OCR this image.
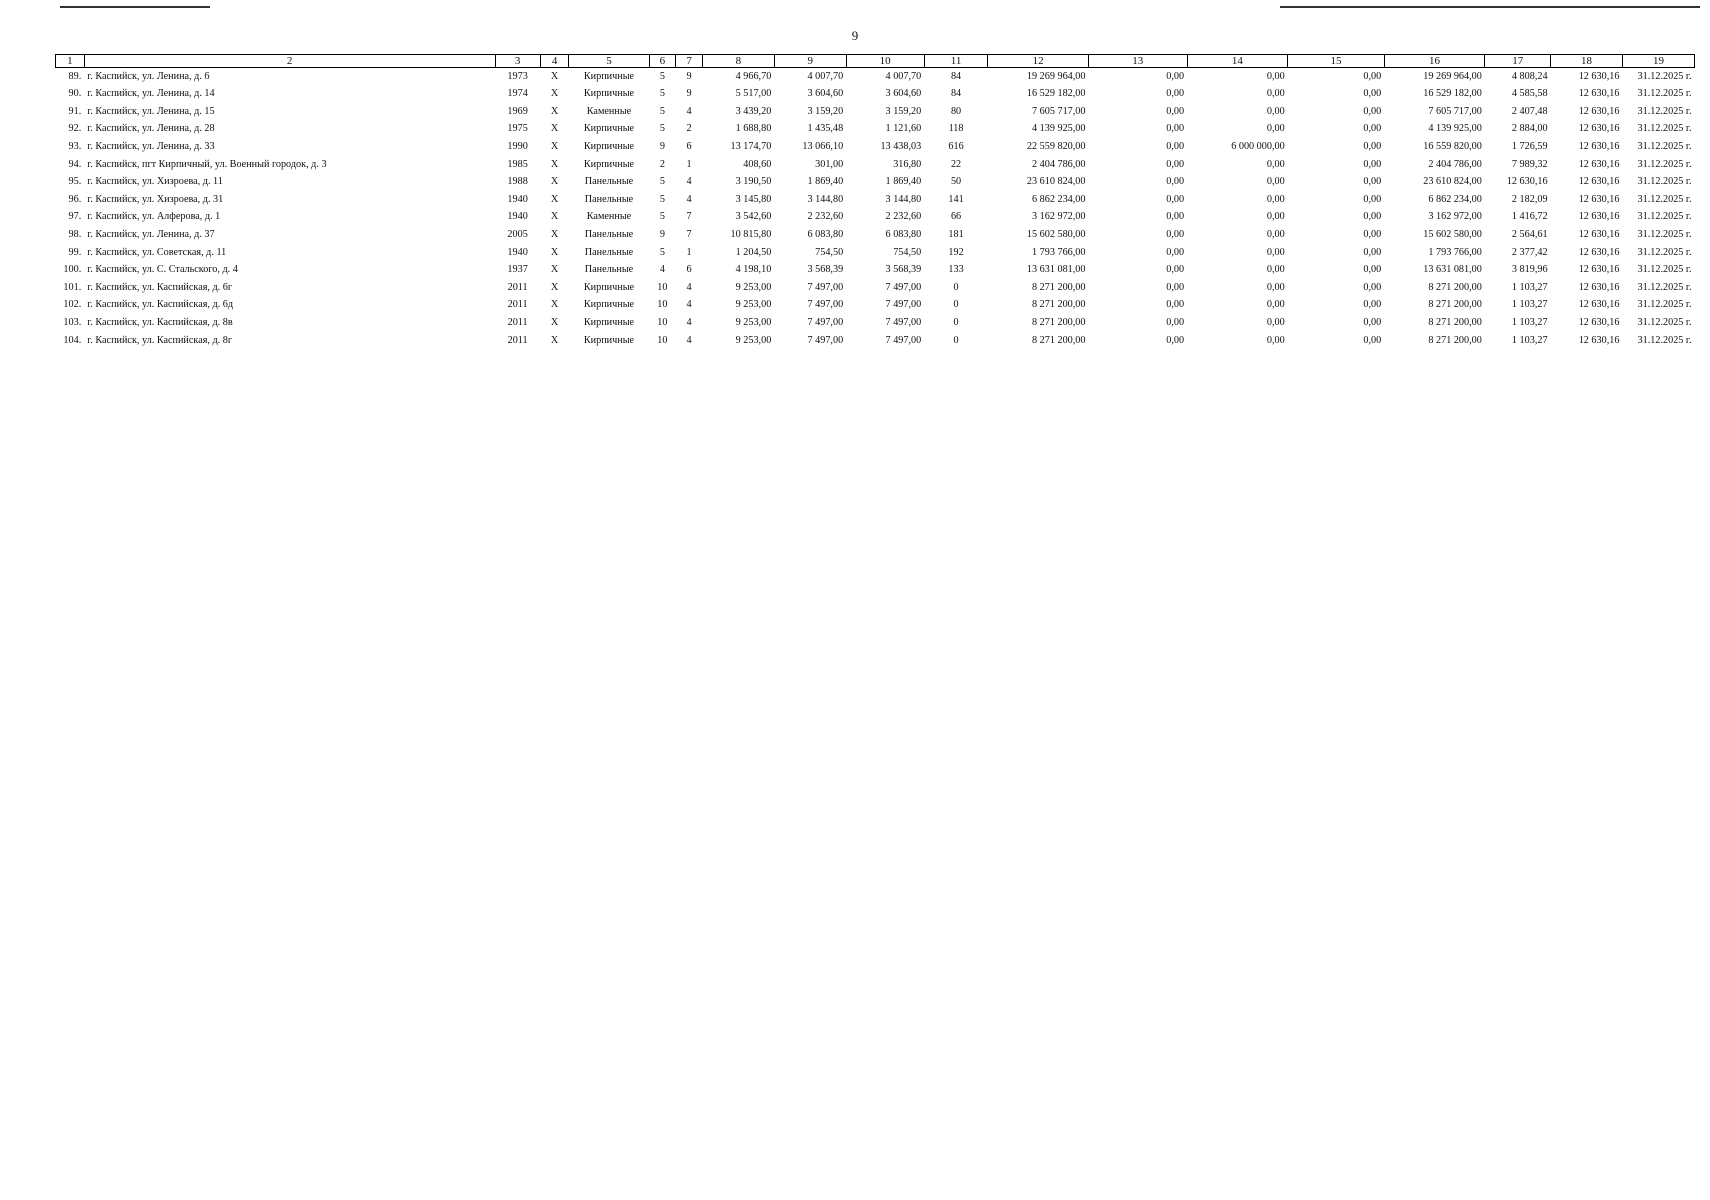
9
1	2	3	4	5	6	7	8	9	10	11	12	13	14	15	16	17	18	19
89.	г. Каспийск, ул. Ленина, д. 6	1973	X	Кирпичные	5	9	4 966,70	4 007,70	4 007,70	84	19 269 964,00	0,00	0,00	0,00	19 269 964,00	4 808,24	12 630,16	31.12.2025 г.
90.	г. Каспийск, ул. Ленина, д. 14	1974	X	Кирпичные	5	9	5 517,00	3 604,60	3 604,60	84	16 529 182,00	0,00	0,00	0,00	16 529 182,00	4 585,58	12 630,16	31.12.2025 г.
91.	г. Каспийск, ул. Ленина, д. 15	1969	X	Каменные	5	4	3 439,20	3 159,20	3 159,20	80	7 605 717,00	0,00	0,00	0,00	7 605 717,00	2 407,48	12 630,16	31.12.2025 г.
92.	г. Каспийск, ул. Ленина, д. 28	1975	X	Кирпичные	5	2	1 688,80	1 435,48	1 121,60	118	4 139 925,00	0,00	0,00	0,00	4 139 925,00	2 884,00	12 630,16	31.12.2025 г.
93.	г. Каспийск, ул. Ленина, д. 33	1990	X	Кирпичные	9	6	13 174,70	13 066,10	13 438,03	616	22 559 820,00	0,00	6 000 000,00	0,00	16 559 820,00	1 726,59	12 630,16	31.12.2025 г.
94.	г. Каспийск, пгт Кирпичный, ул. Военный городок, д. 3	1985	X	Кирпичные	2	1	408,60	301,00	316,80	22	2 404 786,00	0,00	0,00	0,00	2 404 786,00	7 989,32	12 630,16	31.12.2025 г.
95.	г. Каспийск, ул. Хизроева, д. 11	1988	X	Панельные	5	4	3 190,50	1 869,40	1 869,40	50	23 610 824,00	0,00	0,00	0,00	23 610 824,00	12 630,16	12 630,16	31.12.2025 г.
96.	г. Каспийск, ул. Хизроева, д. 31	1940	X	Панельные	5	4	3 145,80	3 144,80	3 144,80	141	6 862 234,00	0,00	0,00	0,00	6 862 234,00	2 182,09	12 630,16	31.12.2025 г.
97.	г. Каспийск, ул. Алферова, д. 1	1940	X	Каменные	5	7	3 542,60	2 232,60	2 232,60	66	3 162 972,00	0,00	0,00	0,00	3 162 972,00	1 416,72	12 630,16	31.12.2025 г.
98.	г. Каспийск, ул. Ленина, д. 37	2005	X	Панельные	9	7	10 815,80	6 083,80	6 083,80	181	15 602 580,00	0,00	0,00	0,00	15 602 580,00	2 564,61	12 630,16	31.12.2025 г.
99.	г. Каспийск, ул. Советская, д. 11	1940	X	Панельные	5	1	1 204,50	754,50	754,50	192	1 793 766,00	0,00	0,00	0,00	1 793 766,00	2 377,42	12 630,16	31.12.2025 г.
100.	г. Каспийск, ул. С. Стальского, д. 4	1937	X	Панельные	4	6	4 198,10	3 568,39	3 568,39	133	13 631 081,00	0,00	0,00	0,00	13 631 081,00	3 819,96	12 630,16	31.12.2025 г.
101.	г. Каспийск, ул. Каспийская, д. 6г	2011	X	Кирпичные	10	4	9 253,00	7 497,00	7 497,00	0	8 271 200,00	0,00	0,00	0,00	8 271 200,00	1 103,27	12 630,16	31.12.2025 г.
102.	г. Каспийск, ул. Каспийская, д. 6д	2011	X	Кирпичные	10	4	9 253,00	7 497,00	7 497,00	0	8 271 200,00	0,00	0,00	0,00	8 271 200,00	1 103,27	12 630,16	31.12.2025 г.
103.	г. Каспийск, ул. Каспийская, д. 8в	2011	X	Кирпичные	10	4	9 253,00	7 497,00	7 497,00	0	8 271 200,00	0,00	0,00	0,00	8 271 200,00	1 103,27	12 630,16	31.12.2025 г.
104.	г. Каспийск, ул. Каспийская, д. 8г	2011	X	Кирпичные	10	4	9 253,00	7 497,00	7 497,00	0	8 271 200,00	0,00	0,00	0,00	8 271 200,00	1 103,27	12 630,16	31.12.2025 г.
